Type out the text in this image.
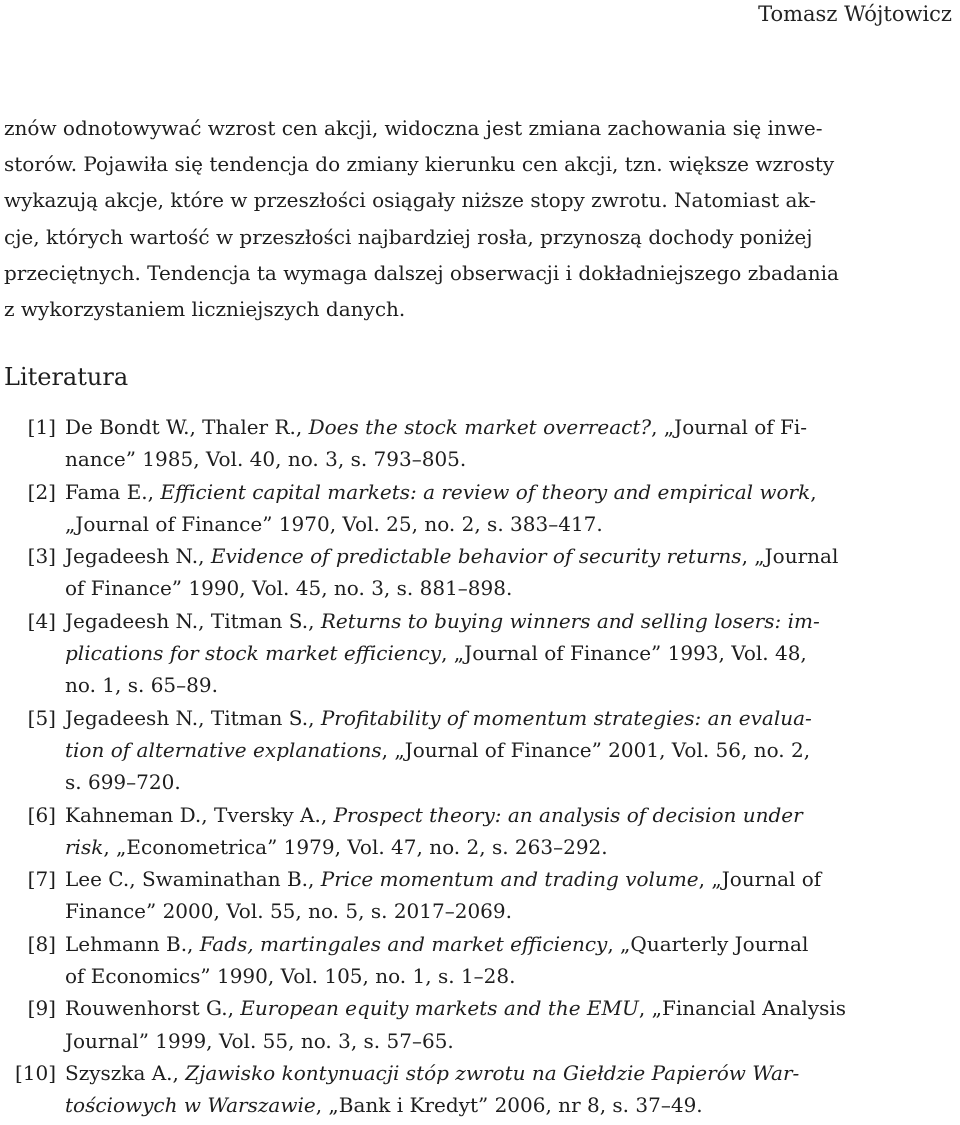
Tomasz Wójtowicz
znów odnotowywać wzrost cen akcji, widoczna jest zmiana zachowania się inwe-
storów. Pojawiła się tendencja do zmiany kierunku cen akcji, tzn. większe wzrosty
wykazują akcje, które w przeszłości osiągały niższe stopy zwrotu. Natomiast ak-
cje, których wartość w przeszłości najbardziej rosła, przynoszą dochody poniżej
przeciętnych. Tendencja ta wymaga dalszej obserwacji i dokładniejszego zbadania
z wykorzystaniem liczniejszych danych.
Literatura
[1] De Bondt W., Thaler R., Does the stock market overreact?, „Journal of Fi-
nance” 1985, Vol. 40, no. 3, s. 793–805.
[2] Fama E., Efficient capital markets: a review of theory and empirical work,
„Journal of Finance” 1970, Vol. 25, no. 2, s. 383–417.
[3] Jegadeesh N., Evidence of predictable behavior of security returns, „Journal
of Finance” 1990, Vol. 45, no. 3, s. 881–898.
[4] Jegadeesh N., Titman S., Returns to buying winners and selling losers: im-
plications for stock market efficiency, „Journal of Finance” 1993, Vol. 48,
no. 1, s. 65–89.
[5] Jegadeesh N., Titman S., Profitability of momentum strategies: an evalua-
tion of alternative explanations, „Journal of Finance” 2001, Vol. 56, no. 2,
s. 699–720.
[6] Kahneman D., Tversky A., Prospect theory: an analysis of decision under
risk, „Econometrica” 1979, Vol. 47, no. 2, s. 263–292.
[7] Lee C., Swaminathan B., Price momentum and trading volume, „Journal of
Finance” 2000, Vol. 55, no. 5, s. 2017–2069.
[8] Lehmann B., Fads, martingales and market efficiency, „Quarterly Journal
of Economics” 1990, Vol. 105, no. 1, s. 1–28.
[9] Rouwenhorst G., European equity markets and the EMU, „Financial Analysis
Journal” 1999, Vol. 55, no. 3, s. 57–65.
[10] Szyszka A., Zjawisko kontynuacji stóp zwrotu na Giełdzie Papierów War-
tościowych w Warszawie, „Bank i Kredyt” 2006, nr 8, s. 37–49.
